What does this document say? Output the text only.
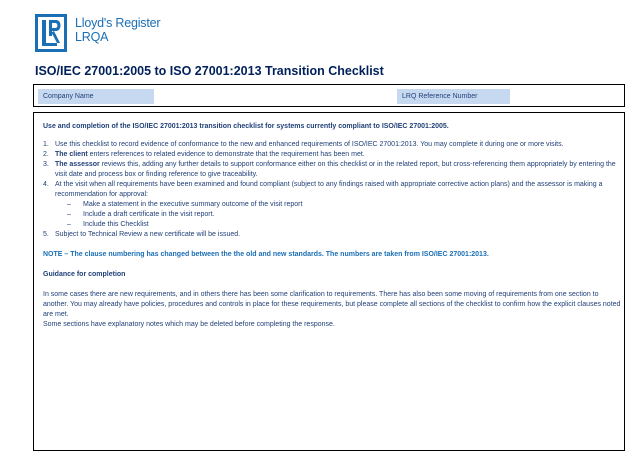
Lloyd's Register
LRQA
ISO/IEC 27001:2005 to ISO 27001:2013 Transition Checklist
Company Name	LRQ Reference Number

Use and completion of the ISO/IEC 27001:2013 transition checklist for systems currently compliant to ISO/IEC 27001:2005.

1. Use this checklist to record evidence of conformance to the new and enhanced requirements of ISO/IEC 27001:2013. You may complete it during one or more visits.
2. The client enters references to related evidence to demonstrate that the requirement has been met.
3. The assessor reviews this, adding any further details to support conformance either on this checklist or in the related report, but cross-referencing them appropriately by entering the visit date and process box or finding reference to give traceability.
4. At the visit when all requirements have been examined and found compliant (subject to any findings raised with appropriate corrective action plans) and the assessor is making a recommendation for approval:
– Make a statement in the executive summary outcome of the visit report
– Include a draft certificate in the visit report.
– Include this Checklist
5. Subject to Technical Review a new certificate will be issued.

NOTE – The clause numbering has changed between the the old and new standards. The numbers are taken from ISO/IEC 27001:2013.

Guidance for completion

In some cases there are new requirements, and in others there has been some clarification to requirements. There has also been some moving of requirements from one section to another. You may already have policies, procedures and controls in place for these requirements, but please complete all sections of the checklist to confirm how the explicit clauses noted are met.

Some sections have explanatory notes which may be deleted before completing the response.
